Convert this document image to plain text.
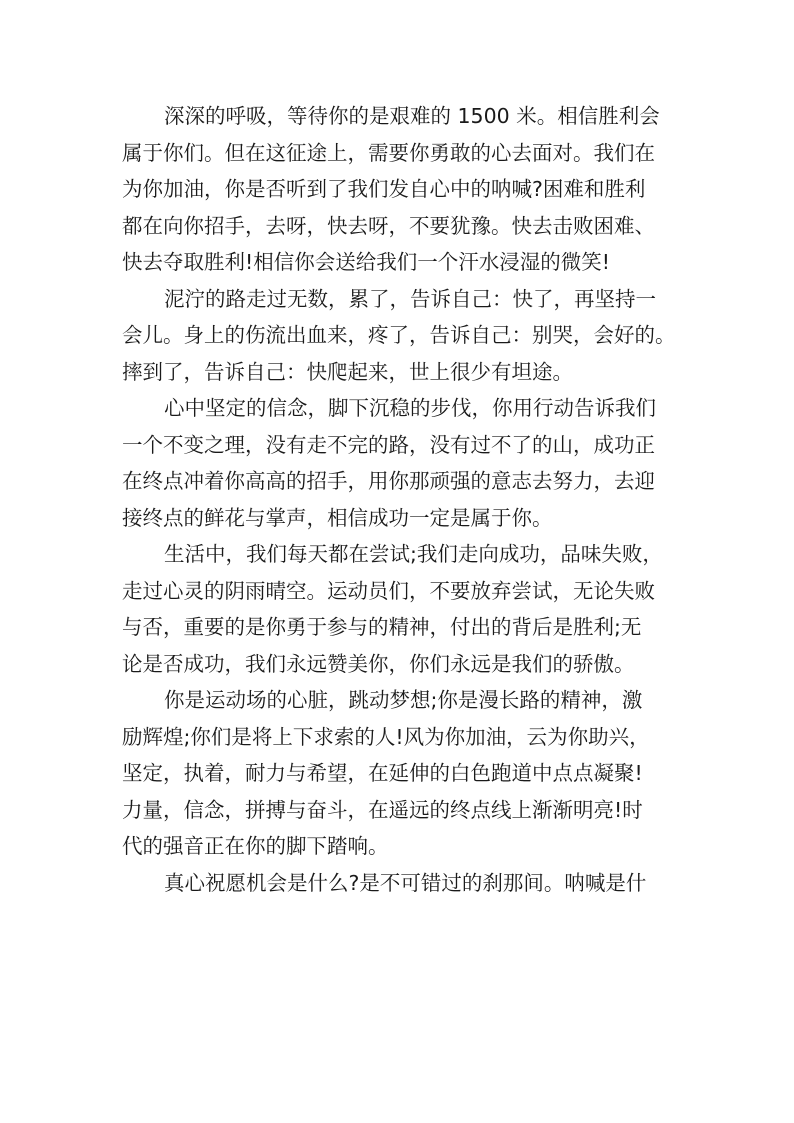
深深的呼吸，等待你的是艰难的 1500 米。相信胜利会
属于你们。但在这征途上，需要你勇敢的心去面对。我们在
为你加油，你是否听到了我们发自心中的呐喊?困难和胜利
都在向你招手，去呀，快去呀，不要犹豫。快去击败困难、
快去夺取胜利!相信你会送给我们一个汗水浸湿的微笑!
泥泞的路走过无数，累了，告诉自己：快了，再坚持一
会儿。身上的伤流出血来，疼了，告诉自己：别哭，会好的。
摔到了，告诉自己：快爬起来，世上很少有坦途。
心中坚定的信念，脚下沉稳的步伐，你用行动告诉我们
一个不变之理，没有走不完的路，没有过不了的山，成功正
在终点冲着你高高的招手，用你那顽强的意志去努力，去迎
接终点的鲜花与掌声，相信成功一定是属于你。
生活中，我们每天都在尝试;我们走向成功，品味失败，
走过心灵的阴雨晴空。运动员们，不要放弃尝试，无论失败
与否，重要的是你勇于参与的精神，付出的背后是胜利;无
论是否成功，我们永远赞美你，你们永远是我们的骄傲。
你是运动场的心脏，跳动梦想;你是漫长路的精神，激
励辉煌;你们是将上下求索的人!风为你加油，云为你助兴，
坚定，执着，耐力与希望，在延伸的白色跑道中点点凝聚!
力量，信念，拼搏与奋斗，在遥远的终点线上渐渐明亮!时
代的强音正在你的脚下踏响。
真心祝愿机会是什么?是不可错过的刹那间。呐喊是什
